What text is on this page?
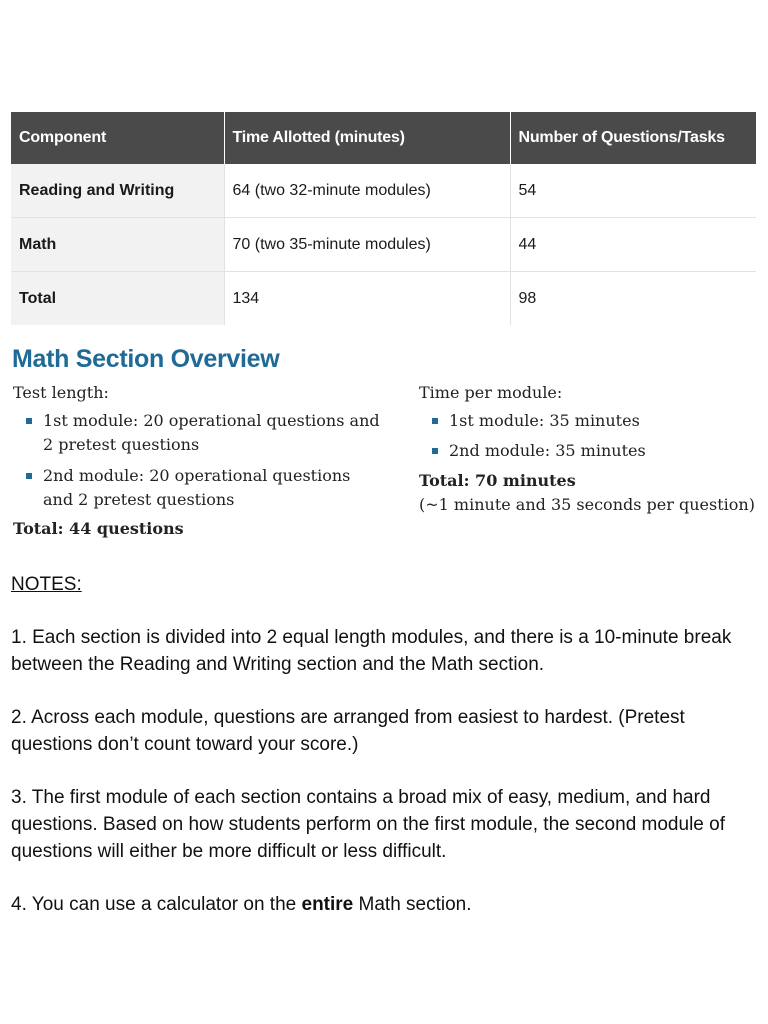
Component	Time Allotted (minutes)	Number of Questions/Tasks
Reading and Writing	64 (two 32-minute modules)	54
Math	70 (two 35-minute modules)	44
Total	134	98
Math Section Overview

Test length:

1st module: 20 operational questions and 2 pretest questions
2nd module: 20 operational questions and 2 pretest questions

Total: 44 questions

Time per module:

1st module: 35 minutes
2nd module: 35 minutes

Total: 70 minutes

(~1 minute and 35 seconds per question)

NOTES:

1. Each section is divided into 2 equal length modules, and there is a 10-minute break between the Reading and Writing section and the Math section.

2. Across each module, questions are arranged from easiest to hardest. (Pretest questions don’t count toward your score.)

3. The first module of each section contains a broad mix of easy, medium, and hard questions. Based on how students perform on the first module, the second module of questions will either be more difficult or less difficult.

4. You can use a calculator on the entire Math section.
